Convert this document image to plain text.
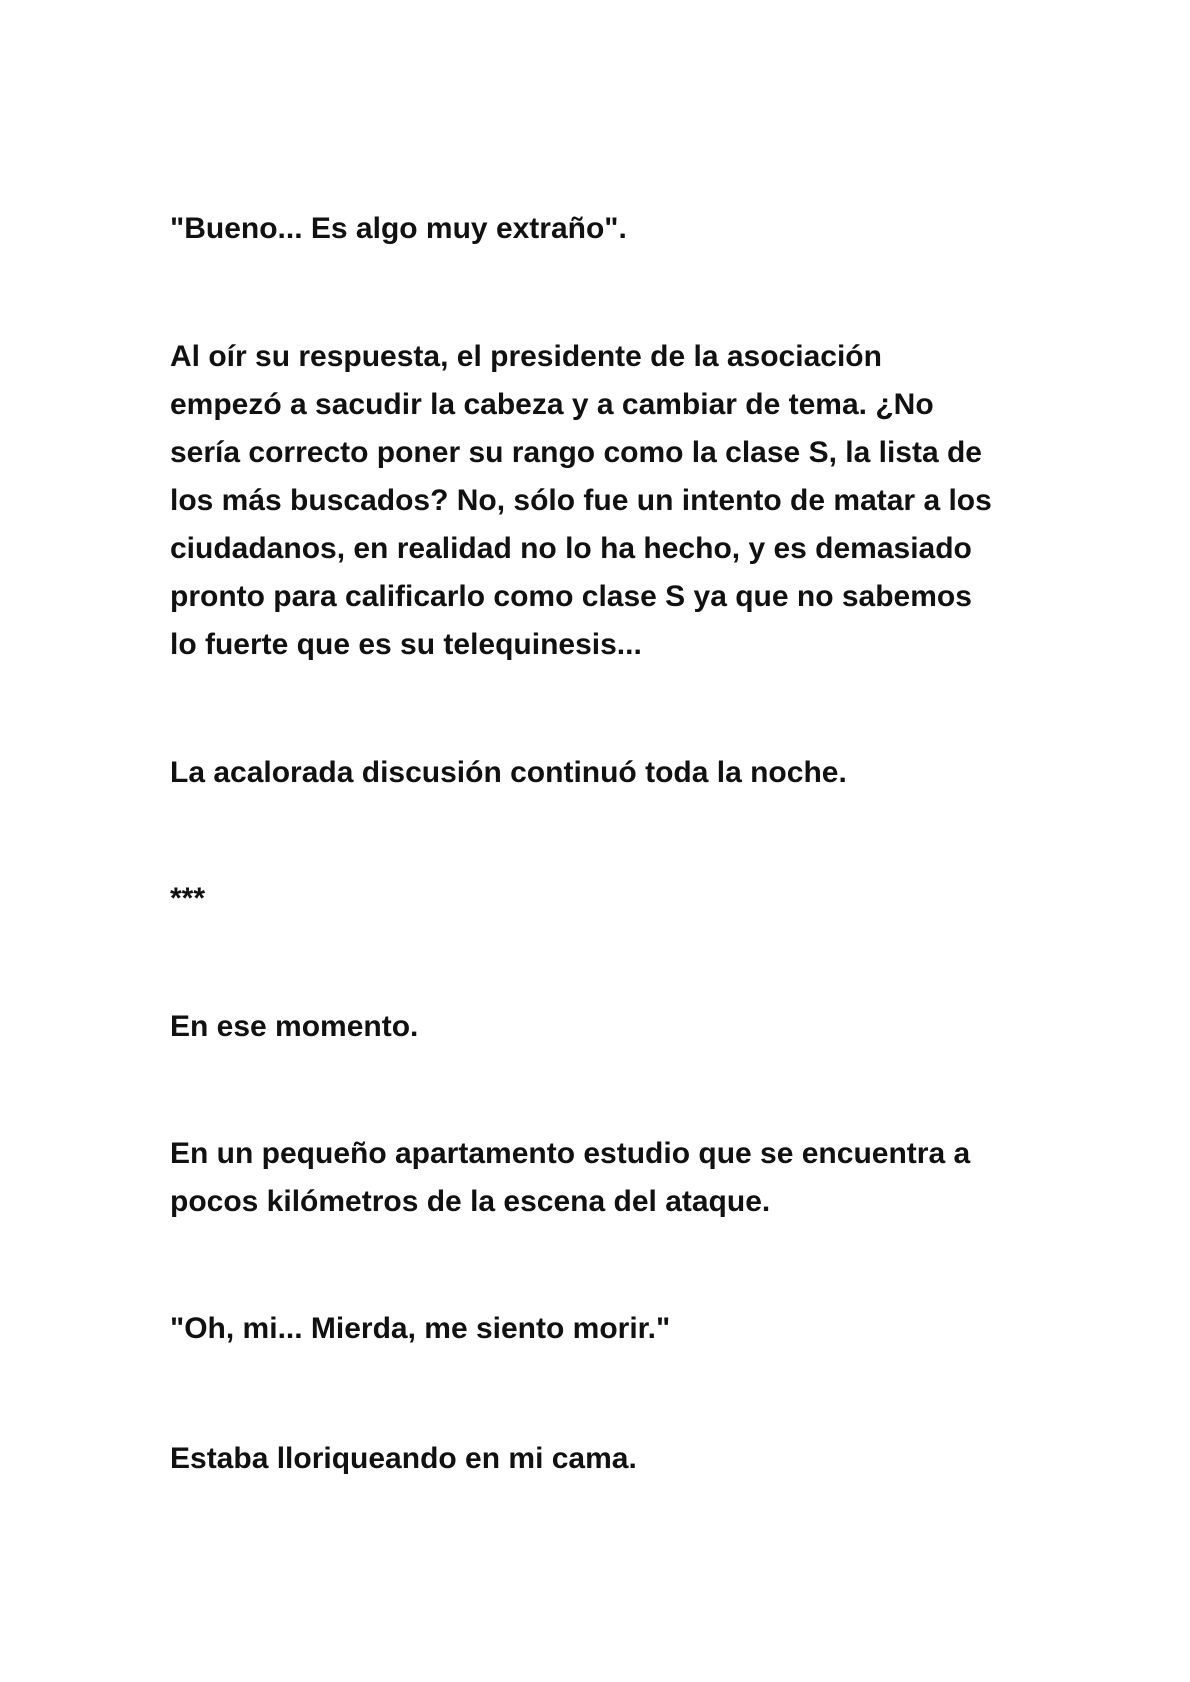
"Bueno... Es algo muy extraño".

Al oír su respuesta, el presidente de la asociación
empezó a sacudir la cabeza y a cambiar de tema. ¿No
sería correcto poner su rango como la clase S, la lista de
los más buscados? No, sólo fue un intento de matar a los
ciudadanos, en realidad no lo ha hecho, y es demasiado
pronto para calificarlo como clase S ya que no sabemos
lo fuerte que es su telequinesis...

La acalorada discusión continuó toda la noche.

***

En ese momento.

En un pequeño apartamento estudio que se encuentra a
pocos kilómetros de la escena del ataque.

"Oh, mi... Mierda, me siento morir."

Estaba lloriqueando en mi cama.
